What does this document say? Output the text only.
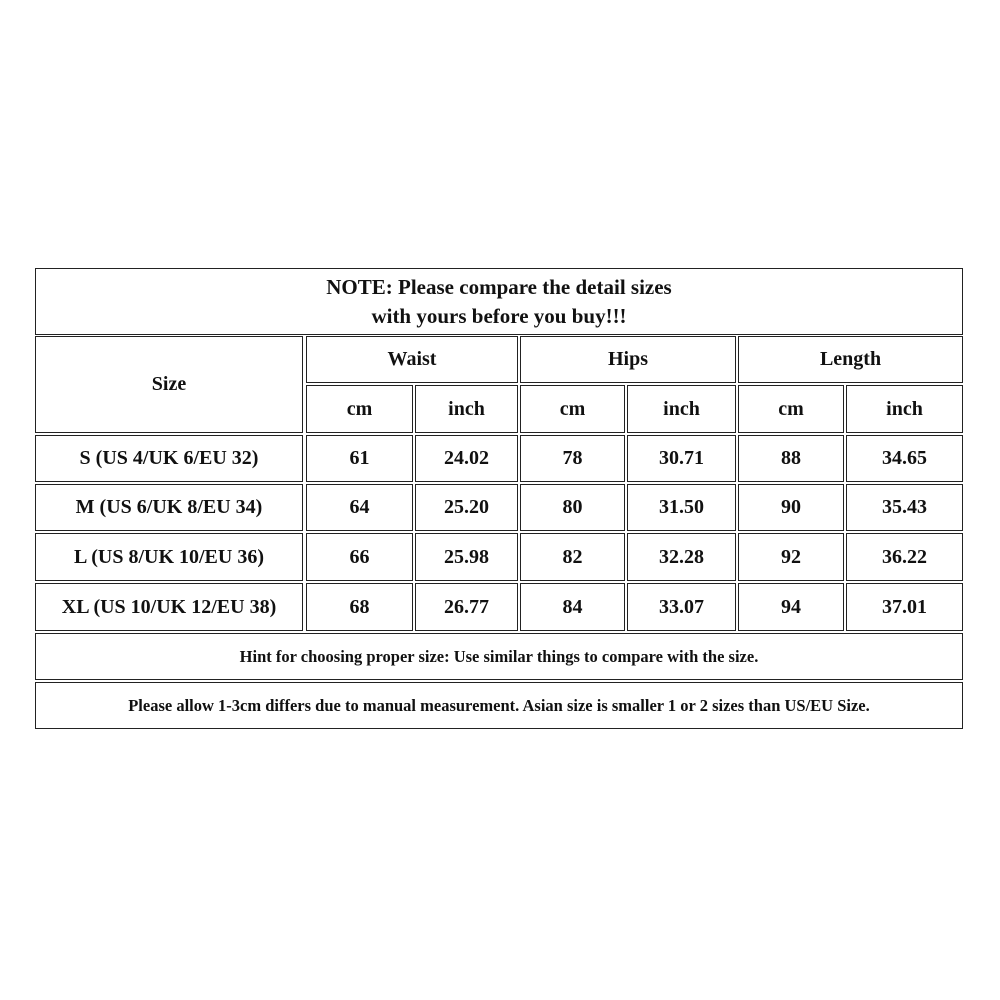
NOTE: Please compare the detail sizes
with yours before you buy!!!
Size
Waist	Hips	Length
cm	inch	cm	inch	cm	inch
S (US 4/UK 6/EU 32)	61	24.02	78	30.71	88	34.65
M (US 6/UK 8/EU 34)	64	25.20	80	31.50	90	35.43
L (US 8/UK 10/EU 36)	66	25.98	82	32.28	92	36.22
XL (US 10/UK 12/EU 38)	68	26.77	84	33.07	94	37.01
Hint for choosing proper size: Use similar things to compare with the size.
Please allow 1-3cm differs due to manual measurement. Asian size is smaller 1 or 2 sizes than US/EU Size.
